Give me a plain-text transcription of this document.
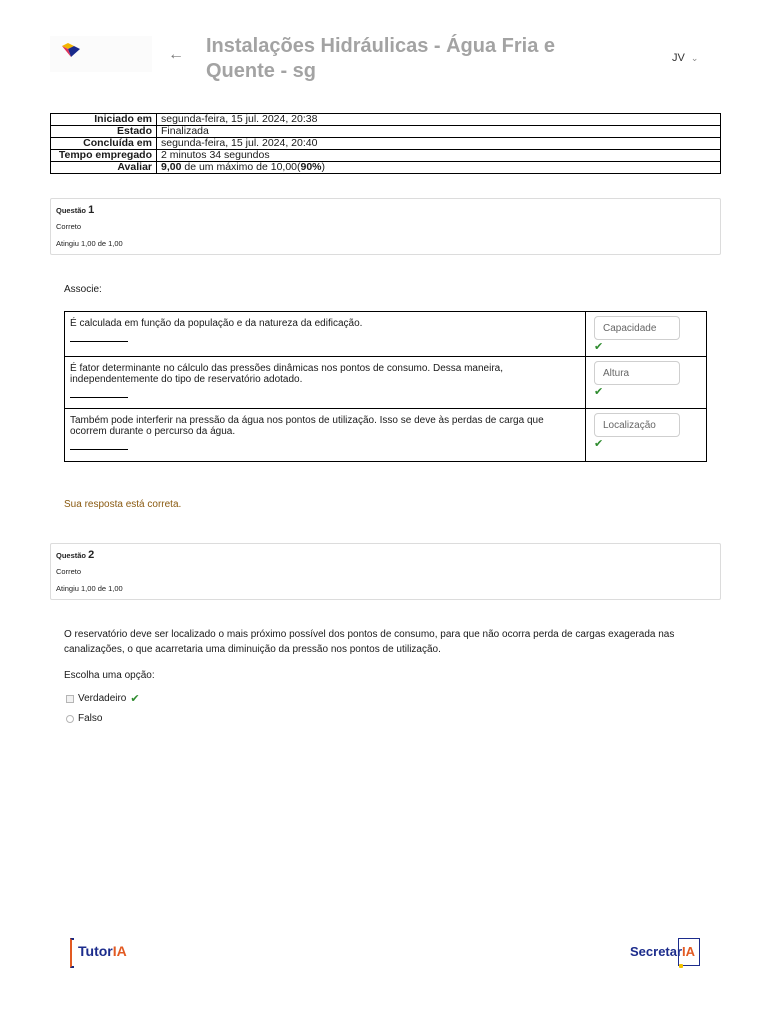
← Instalações Hidráulicas - Água Fria e Quente - sg
JV ⌄
Iniciado em	segunda-feira, 15 jul. 2024, 20:38
Estado	Finalizada
Concluída em	segunda-feira, 15 jul. 2024, 20:40
Tempo empregado	2 minutos 34 segundos
Avaliar	9,00 de um máximo de 10,00(90%)
Questão 1
Correto
Atingiu 1,00 de 1,00
Associe:
É calculada em função da população e da natureza da edificação.	Capacidade
✔

É fator determinante no cálculo das pressões dinâmicas nos pontos de consumo. Dessa maneira, independentemente do tipo de reservatório adotado.	Altura
✔

Também pode interferir na pressão da água nos pontos de utilização. Isso se deve às perdas de carga que ocorrem durante o percurso da água.	Localização
✔
Sua resposta está correta.
Questão 2
Correto
Atingiu 1,00 de 1,00
O reservatório deve ser localizado o mais próximo possível dos pontos de consumo, para que não ocorra perda de cargas exagerada nas canalizações, o que acarretaria uma diminuição da pressão nos pontos de utilização.
Escolha uma opção:
Verdadeiro ✔
Falso
TutorIA	SecretarIA
